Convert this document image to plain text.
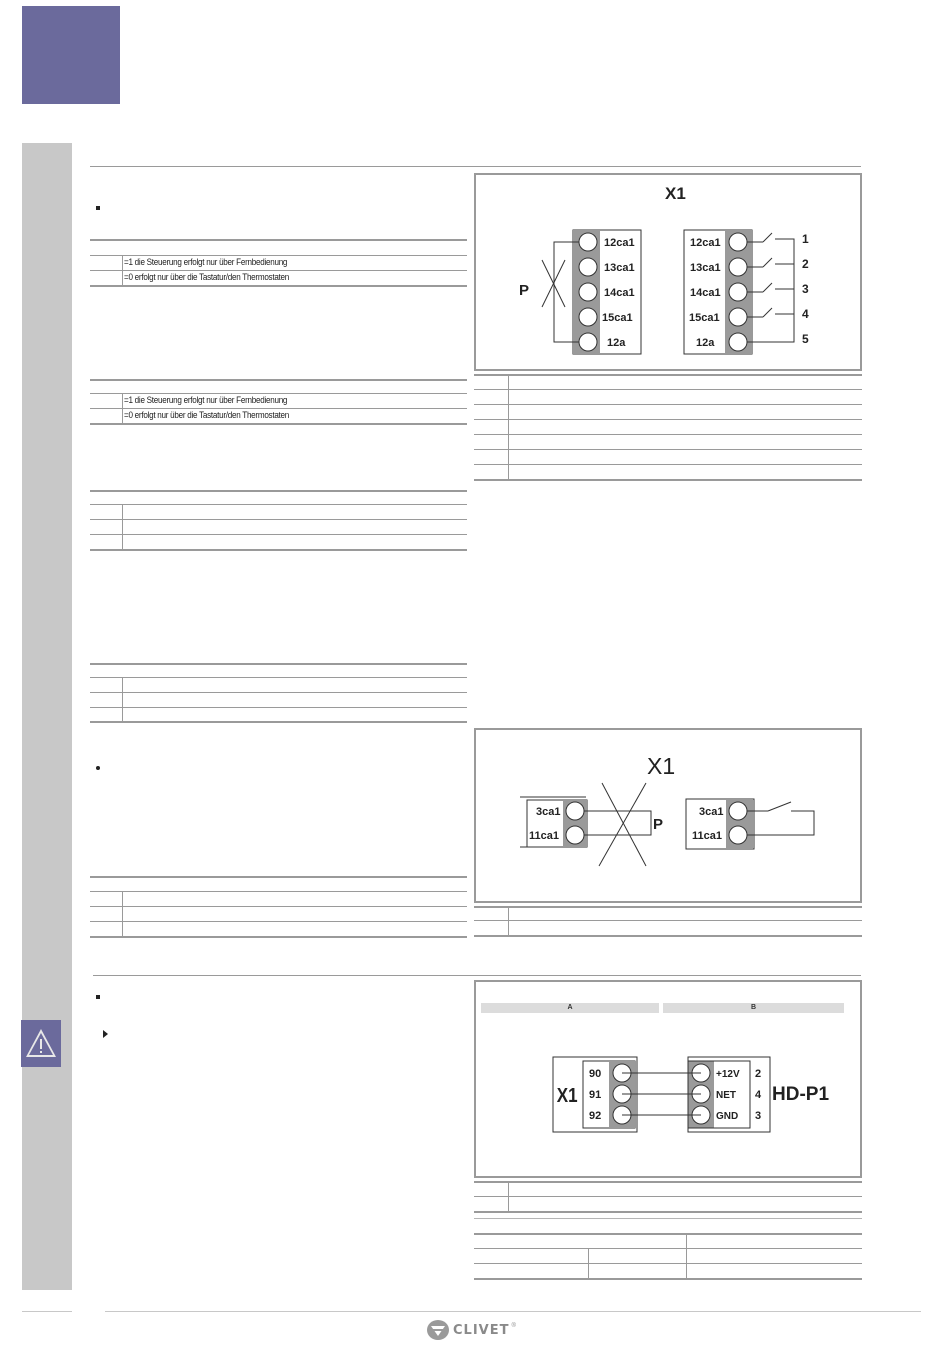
=1 die Steuerung erfolgt nur über Fernbedienung
=0 erfolgt nur über die Tastatur/den Thermostaten
=1 die Steuerung erfolgt nur über Fernbedienung
=0 erfolgt nur über die Tastatur/den Thermostaten
X1
12ca1
13ca1
14ca1
15ca1
12a
P
12ca1
13ca1
14ca1
15ca1
12a
1
2
3
4
5
X1
3ca1
11ca1
P
3ca1
11ca1
A	B
X1
90
91
92
+12V
NET
GND
2
4
3
HD-P1
CLIVET ®
